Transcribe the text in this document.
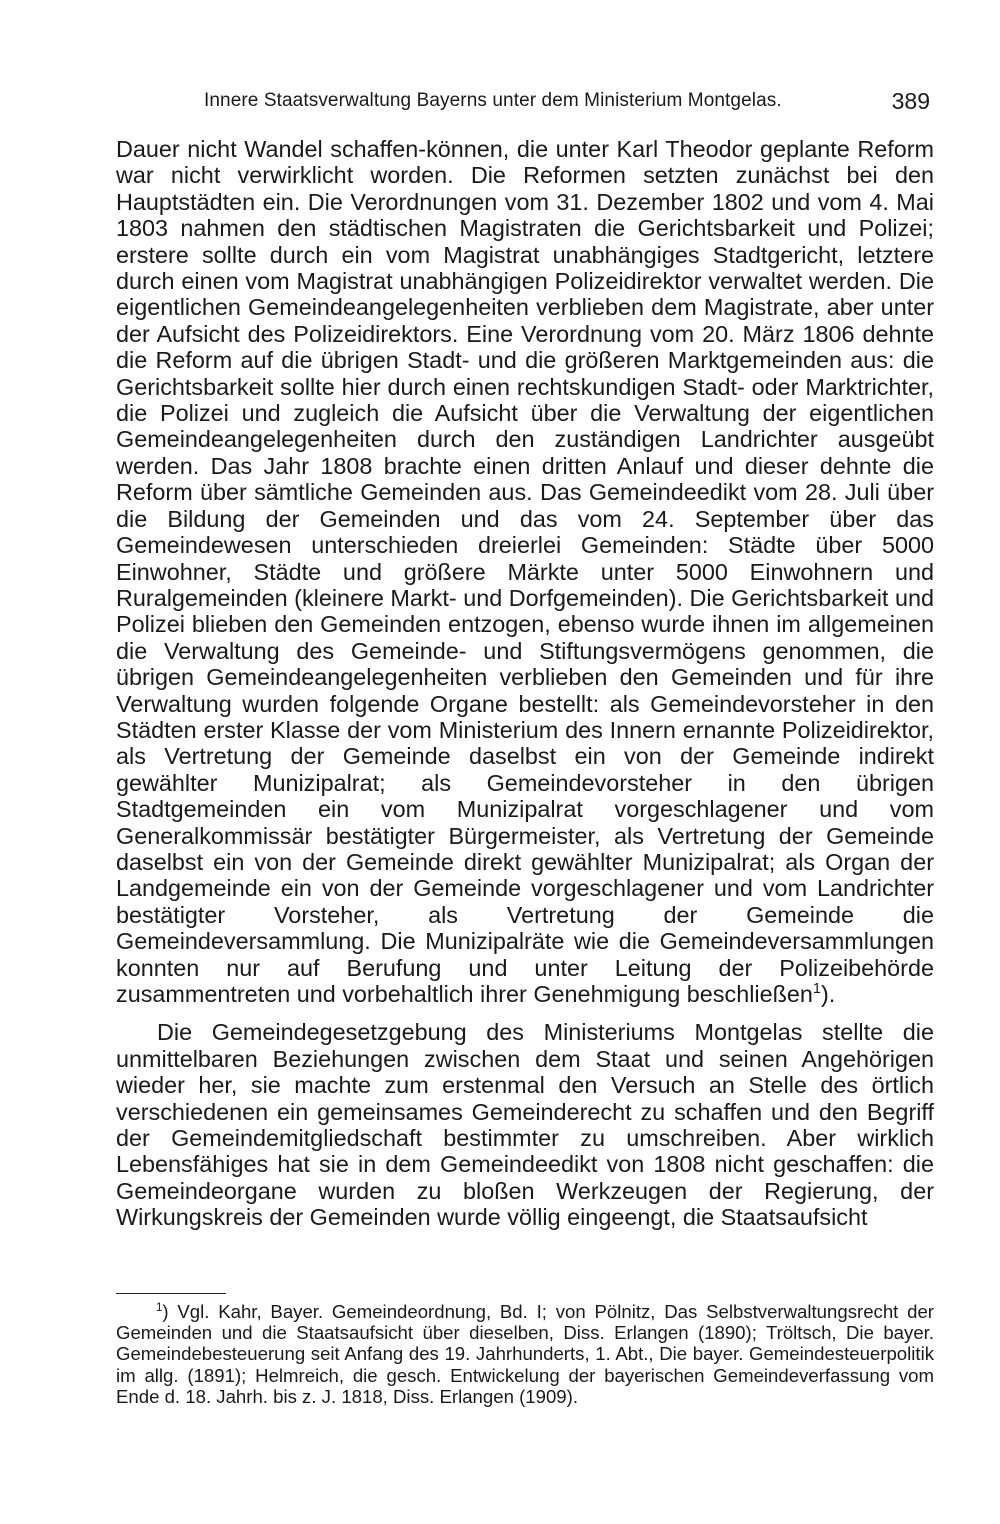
Innere Staatsverwaltung Bayerns unter dem Ministerium Montgelas.	389

Dauer nicht Wandel schaffen-können, die unter Karl Theodor geplante Reform war nicht verwirklicht worden. Die Reformen setzten zunächst bei den Hauptstädten ein. Die Verordnungen vom 31. Dezember 1802 und vom 4. Mai 1803 nahmen den städtischen Magistraten die Gerichtsbarkeit und Polizei; erstere sollte durch ein vom Magistrat unabhängiges Stadtgericht, letztere durch einen vom Magistrat unabhängigen Polizeidirektor verwaltet werden. Die eigentlichen Gemeindeangelegenheiten verblieben dem Magistrate, aber unter der Aufsicht des Polizeidirektors. Eine Verordnung vom 20. März 1806 dehnte die Reform auf die übrigen Stadt- und die größeren Marktgemeinden aus: die Gerichtsbarkeit sollte hier durch einen rechtskundigen Stadt- oder Marktrichter, die Polizei und zugleich die Aufsicht über die Verwaltung der eigentlichen Gemeindeangelegenheiten durch den zuständigen Landrichter ausgeübt werden. Das Jahr 1808 brachte einen dritten Anlauf und dieser dehnte die Reform über sämtliche Gemeinden aus. Das Gemeindeedikt vom 28. Juli über die Bildung der Gemeinden und das vom 24. September über das Gemeindewesen unterschieden dreierlei Gemeinden: Städte über 5000 Einwohner, Städte und größere Märkte unter 5000 Einwohnern und Ruralgemeinden (kleinere Markt- und Dorfgemeinden). Die Gerichtsbarkeit und Polizei blieben den Gemeinden entzogen, ebenso wurde ihnen im allgemeinen die Verwaltung des Gemeinde- und Stiftungsvermögens genommen, die übrigen Gemeindeangelegenheiten verblieben den Gemeinden und für ihre Verwaltung wurden folgende Organe bestellt: als Gemeindevorsteher in den Städten erster Klasse der vom Ministerium des Innern ernannte Polizeidirektor, als Vertretung der Gemeinde daselbst ein von der Gemeinde indirekt gewählter Munizipalrat; als Gemeindevorsteher in den übrigen Stadtgemeinden ein vom Munizipalrat vorgeschlagener und vom Generalkommissär bestätigter Bürgermeister, als Vertretung der Gemeinde daselbst ein von der Gemeinde direkt gewählter Munizipalrat; als Organ der Landgemeinde ein von der Gemeinde vorgeschlagener und vom Landrichter bestätigter Vorsteher, als Vertretung der Gemeinde die Gemeindeversammlung. Die Munizipalräte wie die Gemeindeversammlungen konnten nur auf Berufung und unter Leitung der Polizeibehörde zusammentreten und vorbehaltlich ihrer Genehmigung beschließen$^1$).

Die Gemeindegesetzgebung des Ministeriums Montgelas stellte die unmittelbaren Beziehungen zwischen dem Staat und seinen Angehörigen wieder her, sie machte zum erstenmal den Versuch an Stelle des örtlich verschiedenen ein gemeinsames Gemeinderecht zu schaffen und den Begriff der Gemeindemitgliedschaft bestimmter zu umschreiben. Aber wirklich Lebensfähiges hat sie in dem Gemeindeedikt von 1808 nicht geschaffen: die Gemeindeorgane wurden zu bloßen Werkzeugen der Regierung, der Wirkungskreis der Gemeinden wurde völlig eingeengt, die Staatsaufsicht

$^1$) Vgl. Kahr, Bayer. Gemeindeordnung, Bd. I; von Pölnitz, Das Selbstverwaltungsrecht der Gemeinden und die Staatsaufsicht über dieselben, Diss. Erlangen (1890); Tröltsch, Die bayer. Gemeindebesteuerung seit Anfang des 19. Jahrhunderts, 1. Abt., Die bayer. Gemeindesteuerpolitik im allg. (1891); Helmreich, die gesch. Entwickelung der bayerischen Gemeindeverfassung vom Ende d. 18. Jahrh. bis z. J. 1818, Diss. Erlangen (1909).
